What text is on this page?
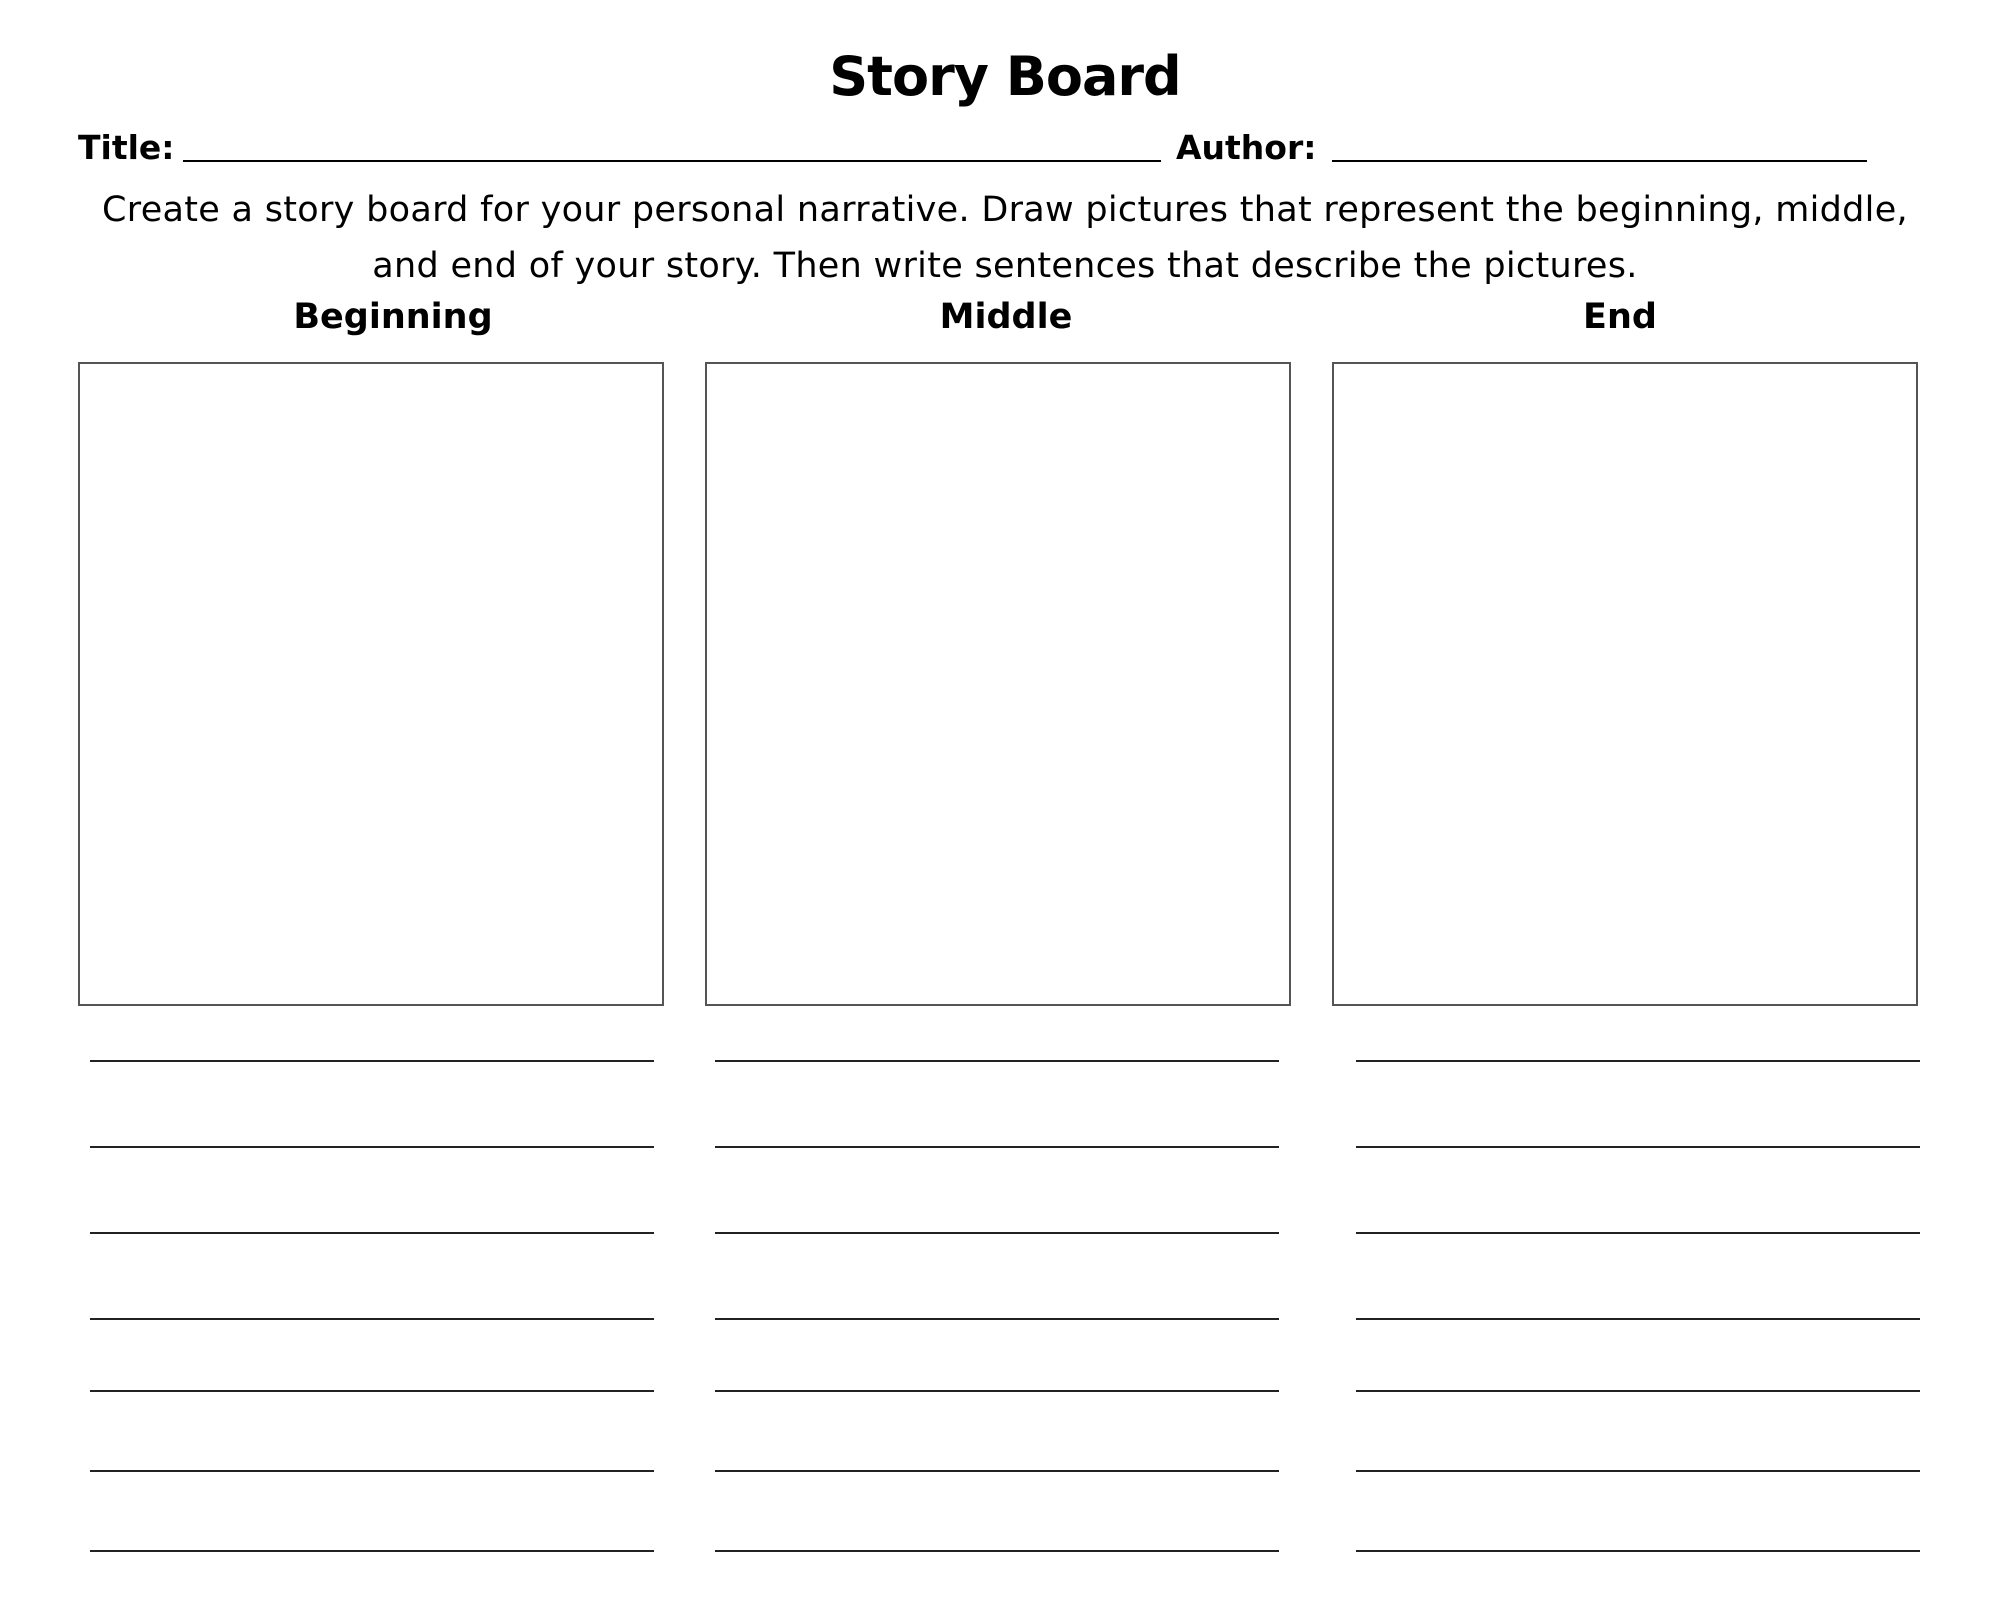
Story Board
Title:	Author:
Create a story board for your personal narrative. Draw pictures that represent the beginning, middle, and end of your story. Then write sentences that describe the pictures.
Beginning	Middle	End
